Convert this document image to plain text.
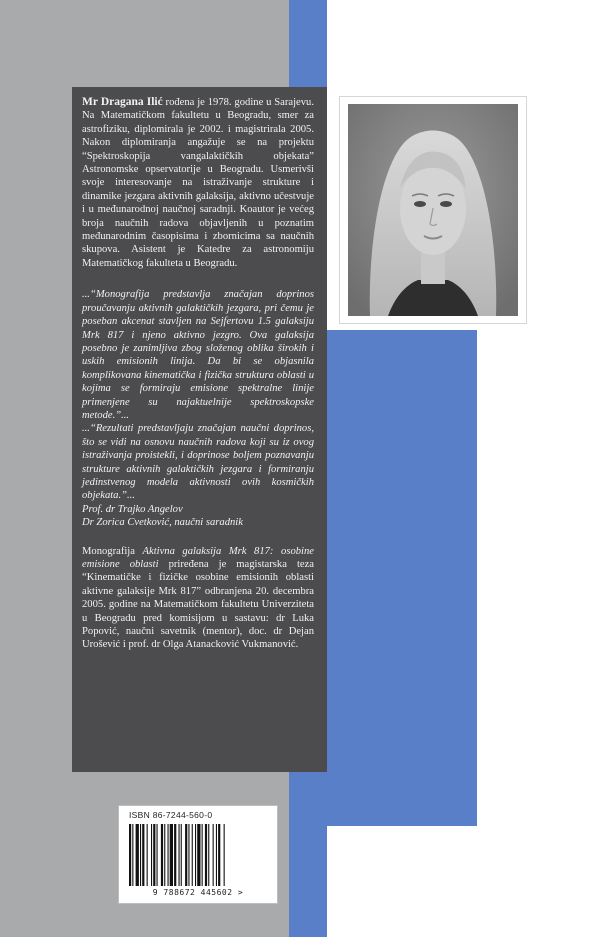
Mr Dragana Ilić rođena je 1978. godine u Sarajevu. Na Matematičkom fakultetu u Beogradu, smer za astrofiziku, diplomirala je 2002. i magistrirala 2005. Nakon diplomiranja angažuje se na projektu “Spektroskopija vangalaktičkih objekata” Astronomske opservatorije u Beogradu. Usmerivši svoje interesovanje na istraživanje strukture i dinamike jezgara aktivnih galaksija, aktivno učestvuje i u međunarodnoj naučnoj saradnji. Koautor je većeg broja naučnih radova objavljenih u poznatim međunarodnim časopisima i zbornicima sa naučnih skupova. Asistent je Katedre za astronomiju Matematičkog fakulteta u Beogradu.

...“Monografija predstavlja značajan doprinos proučavanju aktivnih galaktičkih jezgara, pri čemu je poseban akcenat stavljen na Sejfertovu 1.5 galaksiju Mrk 817 i njeno aktivno jezgro. Ova galaksija posebno je zanimljiva zbog složenog oblika širokih i uskih emisionih linija. Da bi se objasnila komplikovana kinematička i fizička struktura oblasti u kojima se formiraju emisione spektralne linije primenjene su najaktuelnije spektroskopske metode.”...

...“Rezultati predstavljaju značajan naučni doprinos, što se vidi na osnovu naučnih radova koji su iz ovog istraživanja proistekli, i doprinose boljem poznavanju strukture aktivnih galaktičkih jezgara i formiranju jedinstvenog modela aktivnosti ovih kosmičkih objekata.”...

Prof. dr Trajko Angelov

Dr Zorica Cvetković, naučni saradnik

Monografija Aktivna galaksija Mrk 817: osobine emisione oblasti priređena je magistarska teza “Kinematičke i fizičke osobine emisionih oblasti aktivne galaksije Mrk 817” odbranjena 20. decembra 2005. godine na Matematičkom fakultetu Univerziteta u Beogradu pred komisijom u sastavu: dr Luka Popović, naučni savetnik (mentor), doc. dr Dejan Urošević i prof. dr Olga Atanacković Vukmanović.

ISBN 86-7244-560-0
9 788672 445602 >
